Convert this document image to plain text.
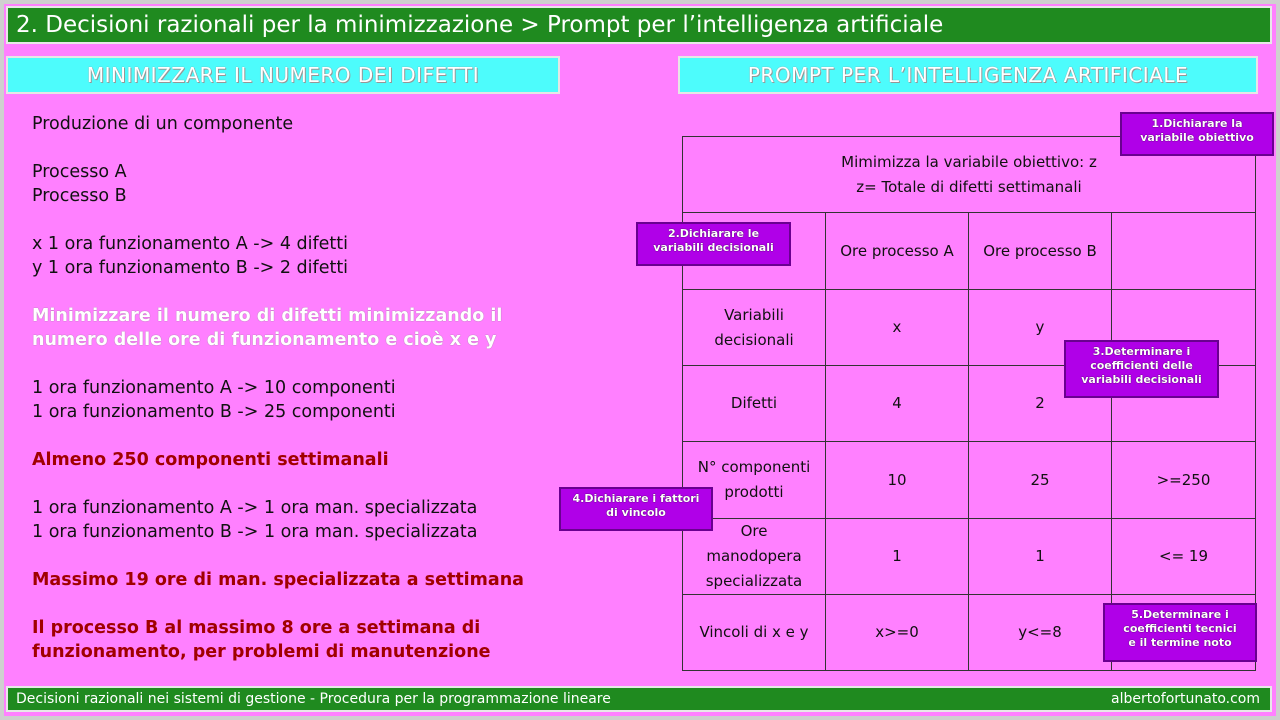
2. Decisioni razionali per la minimizzazione > Prompt per l’intelligenza artificiale
MINIMIZZARE IL NUMERO DEI DIFETTI	PROMPT PER L’INTELLIGENZA ARTIFICIALE
Produzione di un componente
Processo A
Processo B
x 1 ora funzionamento A -> 4 difetti
y 1 ora funzionamento B -> 2 difetti
Minimizzare il numero di difetti minimizzando il
numero delle ore di funzionamento e cioè x e y
1 ora funzionamento A -> 10 componenti
1 ora funzionamento B -> 25 componenti
Almeno 250 componenti settimanali
1 ora funzionamento A -> 1 ora man. specializzata
1 ora funzionamento B -> 1 ora man. specializzata
Massimo 19 ore di man. specializzata a settimana
Il processo B al massimo 8 ore a settimana di
funzionamento, per problemi di manutenzione
Mimimizza la variabile obiettivo: z
z= Totale di difetti settimanali			

	Ore processo A	Ore processo B	

Variabili
decisionali	x	y	
Difetti	4	2	

N° componenti
prodotti	10	25	>=250

Ore
manodopera
specializzata	1	1	<= 19
Vincoli di x e y	x>=0	y<=8	
1.Dichiarare la
variabile obiettivo
2.Dichiarare le
variabili decisionali
3.Determinare i
coefficienti delle
variabili decisionali
4.Dichiarare i fattori
di vincolo
5.Determinare i
coefficienti tecnici
e il termine noto
Decisioni razionali nei sistemi di gestione - Procedura per la programmazione lineare	albertofortunato.com
